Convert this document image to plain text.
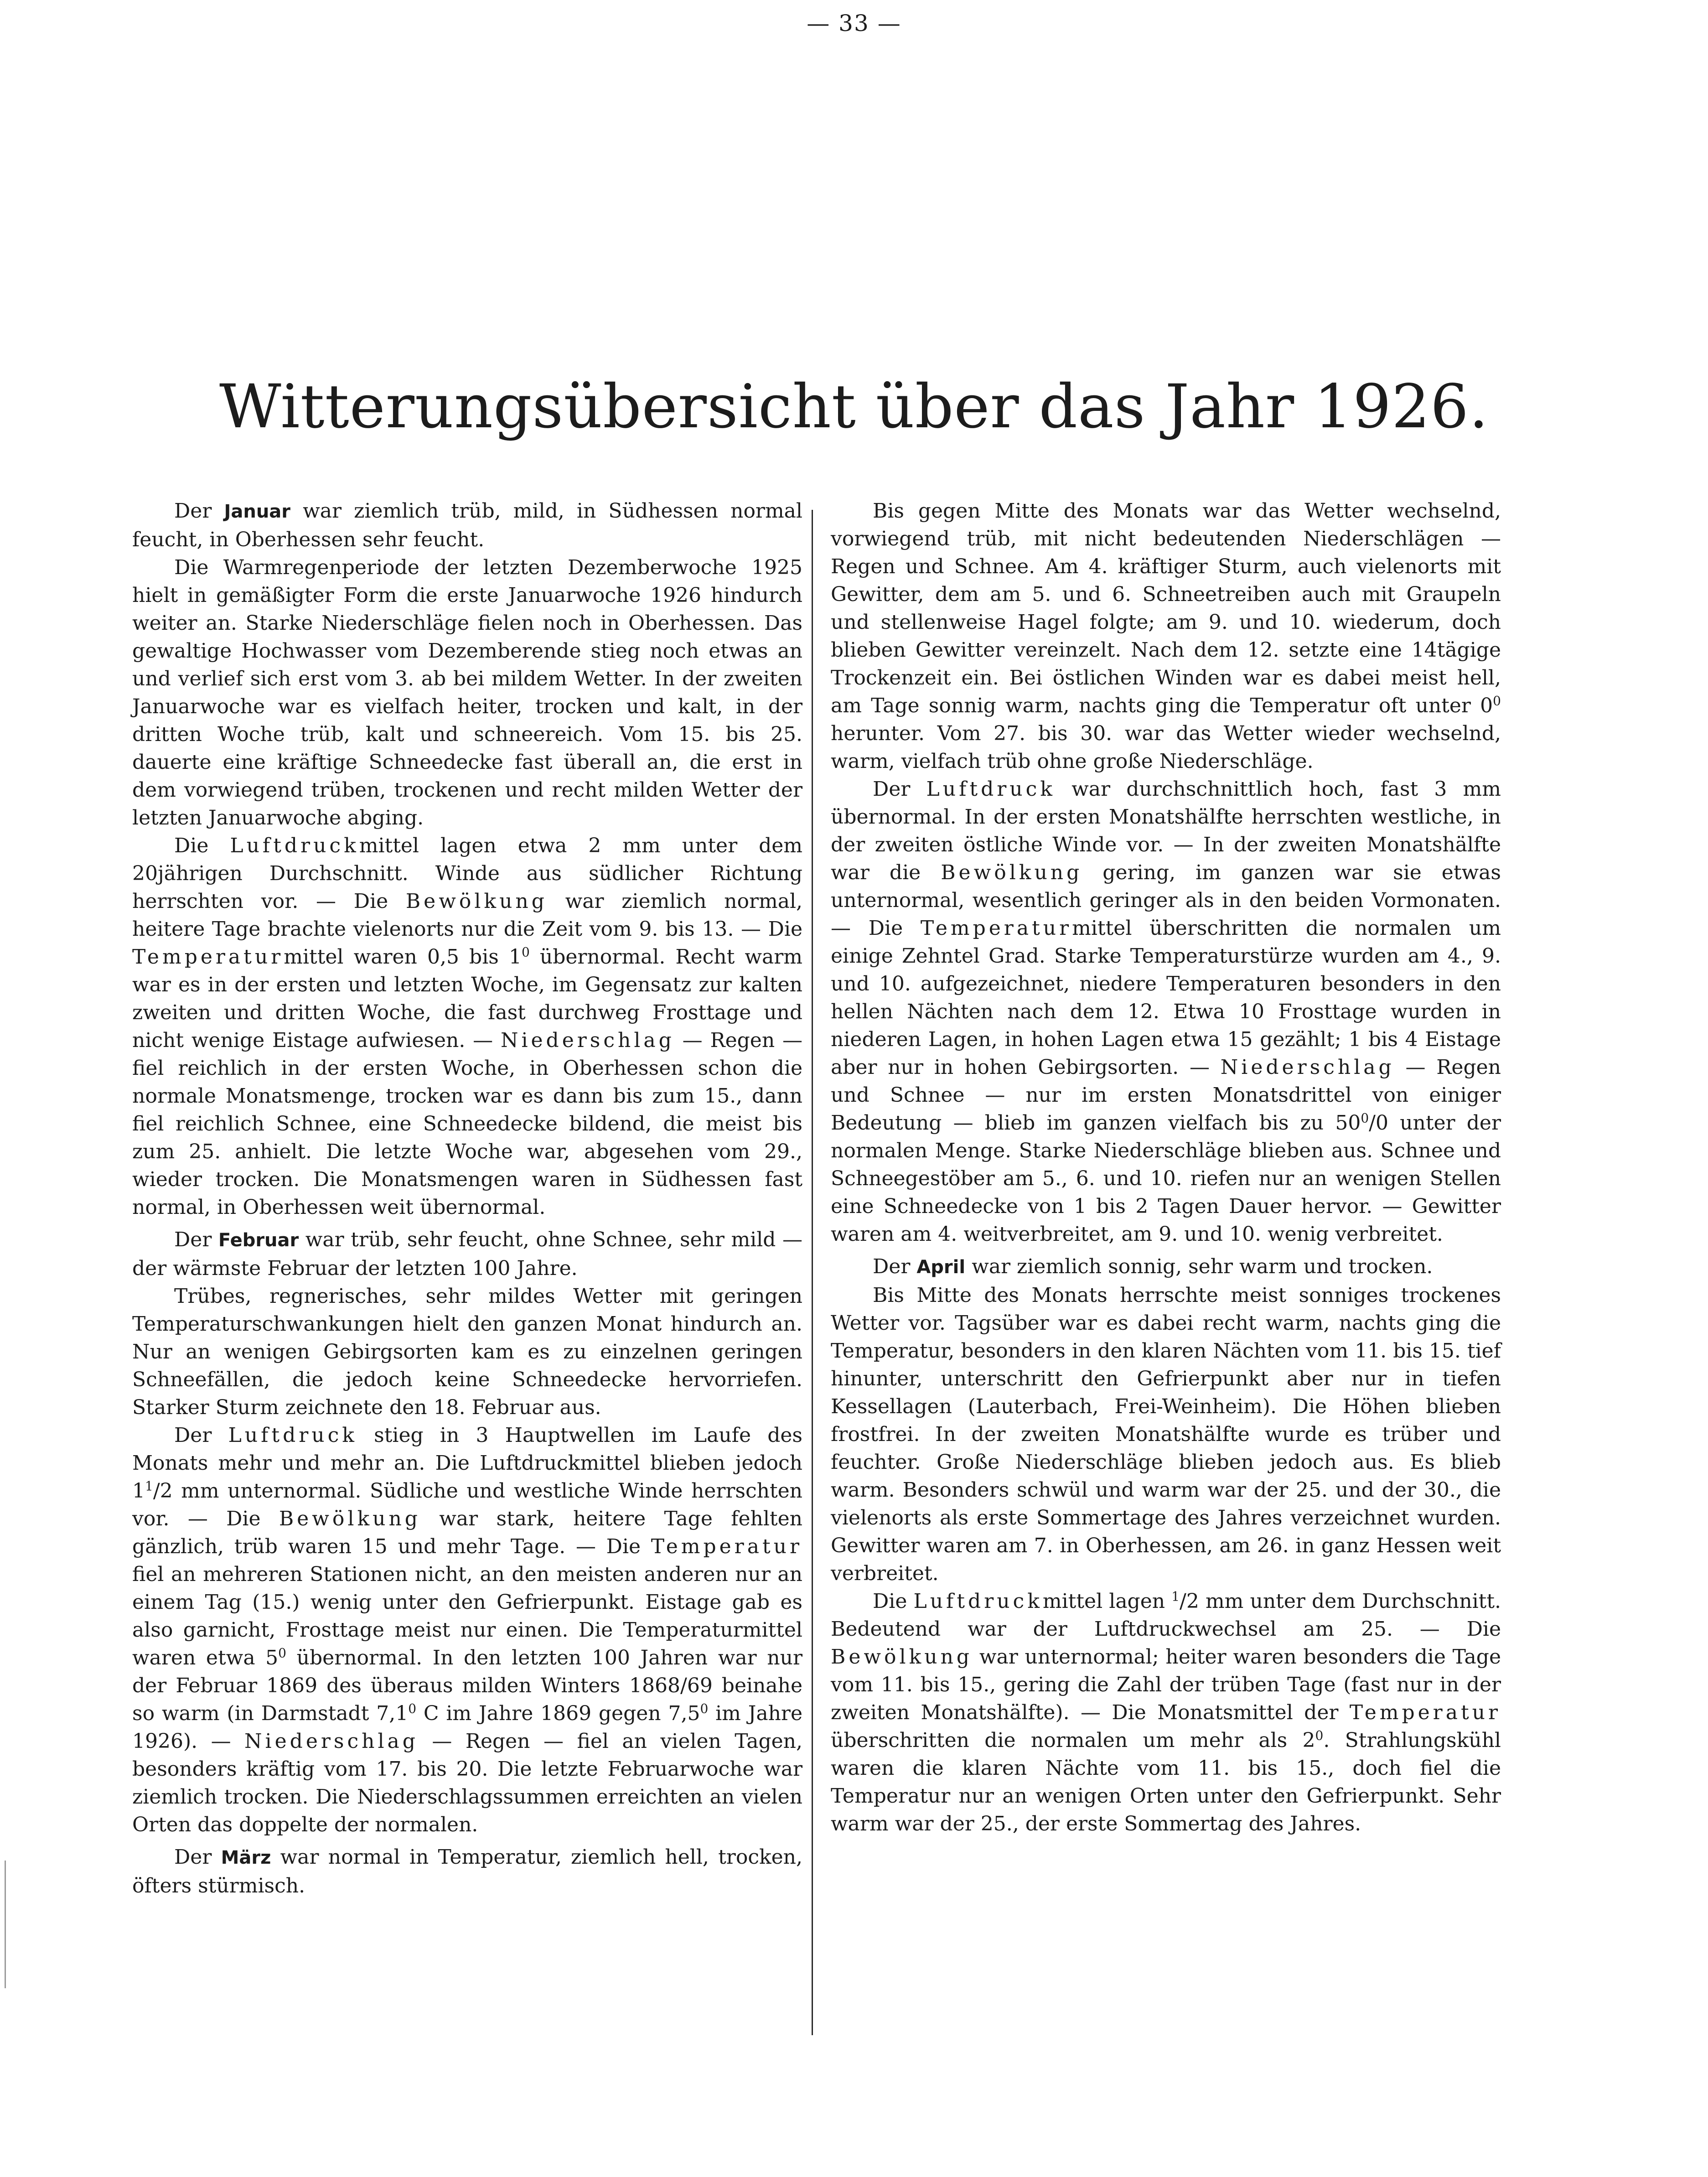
— 33 —
Witterungsübersicht über das Jahr 1926.

Der Januar war ziemlich trüb, mild, in Südhessen normal feucht, in Oberhessen sehr feucht.

Die Warmregenperiode der letzten Dezemberwoche 1925 hielt in gemäßigter Form die erste Januarwoche 1926 hindurch weiter an. Starke Niederschläge fielen noch in Oberhessen. Das gewaltige Hochwasser vom Dezemberende stieg noch etwas an und verlief sich erst vom 3. ab bei mildem Wetter. In der zweiten Januarwoche war es vielfach heiter, trocken und kalt, in der dritten Woche trüb, kalt und schneereich. Vom 15. bis 25. dauerte eine kräftige Schneedecke fast überall an, die erst in dem vorwiegend trüben, trockenen und recht milden Wetter der letzten Januarwoche abging.

Die Luftdruckmittel lagen etwa 2 mm unter dem 20jährigen Durchschnitt. Winde aus südlicher Richtung herrschten vor. — Die Bewölkung war ziemlich normal, heitere Tage brachte vielenorts nur die Zeit vom 9. bis 13. — Die Temperaturmittel waren 0,5 bis $1^0$ übernormal. Recht warm war es in der ersten und letzten Woche, im Gegensatz zur kalten zweiten und dritten Woche, die fast durchweg Frosttage und nicht wenige Eistage aufwiesen. — Niederschlag — Regen — fiel reichlich in der ersten Woche, in Oberhessen schon die normale Monatsmenge, trocken war es dann bis zum 15., dann fiel reichlich Schnee, eine Schneedecke bildend, die meist bis zum 25. anhielt. Die letzte Woche war, abgesehen vom 29., wieder trocken. Die Monatsmengen waren in Südhessen fast normal, in Oberhessen weit übernormal.

Der Februar war trüb, sehr feucht, ohne Schnee, sehr mild — der wärmste Februar der letzten 100 Jahre.

Trübes, regnerisches, sehr mildes Wetter mit geringen Temperaturschwankungen hielt den ganzen Monat hindurch an. Nur an wenigen Gebirgsorten kam es zu einzelnen geringen Schneefällen, die jedoch keine Schneedecke hervorriefen. Starker Sturm zeichnete den 18. Februar aus.

Der Luftdruck stieg in 3 Hauptwellen im Laufe des Monats mehr und mehr an. Die Luftdruckmittel blieben jedoch $1^1/2$ mm unternormal. Südliche und westliche Winde herrschten vor. — Die Bewölkung war stark, heitere Tage fehlten gänzlich, trüb waren 15 und mehr Tage. — Die Temperatur fiel an mehreren Stationen nicht, an den meisten anderen nur an einem Tag (15.) wenig unter den Gefrierpunkt. Eistage gab es also garnicht, Frosttage meist nur einen. Die Temperaturmittel waren etwa $5^0$ übernormal. In den letzten 100 Jahren war nur der Februar 1869 des überaus milden Winters 1868/69 beinahe so warm (in Darmstadt $7,1^0$ C im Jahre 1869 gegen $7,5^0$ im Jahre 1926). — Niederschlag — Regen — fiel an vielen Tagen, besonders kräftig vom 17. bis 20. Die letzte Februarwoche war ziemlich trocken. Die Niederschlagssummen erreichten an vielen Orten das doppelte der normalen.

Der März war normal in Temperatur, ziemlich hell, trocken, öfters stürmisch.

Bis gegen Mitte des Monats war das Wetter wechselnd, vorwiegend trüb, mit nicht bedeutenden Niederschlägen — Regen und Schnee. Am 4. kräftiger Sturm, auch vielenorts mit Gewitter, dem am 5. und 6. Schneetreiben auch mit Graupeln und stellenweise Hagel folgte; am 9. und 10. wiederum, doch blieben Gewitter vereinzelt. Nach dem 12. setzte eine 14tägige Trockenzeit ein. Bei östlichen Winden war es dabei meist hell, am Tage sonnig warm, nachts ging die Temperatur oft unter $0^0$ herunter. Vom 27. bis 30. war das Wetter wieder wechselnd, warm, vielfach trüb ohne große Niederschläge.

Der Luftdruck war durchschnittlich hoch, fast 3 mm übernormal. In der ersten Monatshälfte herrschten westliche, in der zweiten östliche Winde vor. — In der zweiten Monatshälfte war die Bewölkung gering, im ganzen war sie etwas unternormal, wesentlich geringer als in den beiden Vormonaten. — Die Temperaturmittel überschritten die normalen um einige Zehntel Grad. Starke Temperaturstürze wurden am 4., 9. und 10. aufgezeichnet, niedere Temperaturen besonders in den hellen Nächten nach dem 12. Etwa 10 Frosttage wurden in niederen Lagen, in hohen Lagen etwa 15 gezählt; 1 bis 4 Eistage aber nur in hohen Gebirgsorten. — Niederschlag — Regen und Schnee — nur im ersten Monatsdrittel von einiger Bedeutung — blieb im ganzen vielfach bis zu $50^0/0$ unter der normalen Menge. Starke Niederschläge blieben aus. Schnee und Schneegestöber am 5., 6. und 10. riefen nur an wenigen Stellen eine Schneedecke von 1 bis 2 Tagen Dauer hervor. — Gewitter waren am 4. weitverbreitet, am 9. und 10. wenig verbreitet.

Der April war ziemlich sonnig, sehr warm und trocken.

Bis Mitte des Monats herrschte meist sonniges trockenes Wetter vor. Tagsüber war es dabei recht warm, nachts ging die Temperatur, besonders in den klaren Nächten vom 11. bis 15. tief hinunter, unterschritt den Gefrierpunkt aber nur in tiefen Kessellagen (Lauterbach, Frei-Weinheim). Die Höhen blieben frostfrei. In der zweiten Monatshälfte wurde es trüber und feuchter. Große Niederschläge blieben jedoch aus. Es blieb warm. Besonders schwül und warm war der 25. und der 30., die vielenorts als erste Sommertage des Jahres verzeichnet wurden. Gewitter waren am 7. in Oberhessen, am 26. in ganz Hessen weit verbreitet.

Die Luftdruckmittel lagen $^1$/2 mm unter dem Durchschnitt. Bedeutend war der Luftdruckwechsel am 25. — Die Bewölkung war unternormal; heiter waren besonders die Tage vom 11. bis 15., gering die Zahl der trüben Tage (fast nur in der zweiten Monatshälfte). — Die Monatsmittel der Temperatur überschritten die normalen um mehr als $2^0$. Strahlungskühl waren die klaren Nächte vom 11. bis 15., doch fiel die Temperatur nur an wenigen Orten unter den Gefrierpunkt. Sehr warm war der 25., der erste Sommertag des Jahres.
